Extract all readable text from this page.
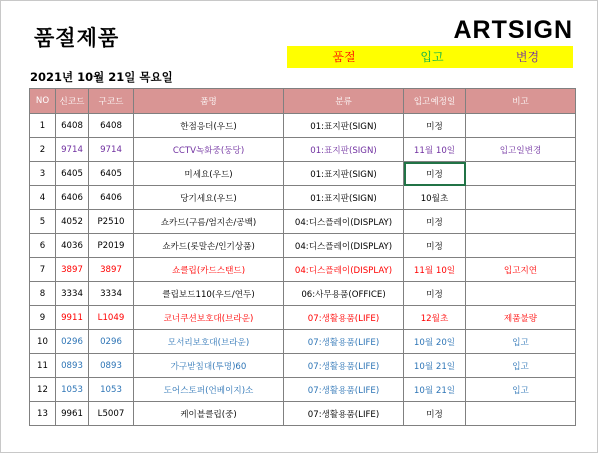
품절제품	ARTSIGN
품절	입고	변경
2021년 10월 21일 목요일
NO	신코드	구코드	품명	분류	입고예정일	비고
1	6408	6408	한점응더(우드)	01:표지판(SIGN)	미정	
2	9714	9714	CCTV녹화중(둥당)	01:표지판(SIGN)	11월 10일	입고일변경
3	6405	6405	미세요(우드)	01:표지판(SIGN)	미정	
4	6406	6406	당기세요(우드)	01:표지판(SIGN)	10월초	
5	4052	P2510	쇼카드(구름/엄지손/공백)	04:디스플레이(DISPLAY)	미정	
6	4036	P2019	쇼카드(롯말손/인기상품)	04:디스플레이(DISPLAY)	미정	
7	3897	3897	쇼클립(카드스탠드)	04:디스플레이(DISPLAY)	11월 10일	입고지연
8	3334	3334	클립보드110(우드/연두)	06:사무용품(OFFICE)	미정	
9	9911	L1049	코너쿠션보호대(브라운)	07:생활용품(LIFE)	12월초	제품불량
10	0296	0296	모서리보호대(브라운)	07:생활용품(LIFE)	10월 20일	입고
11	0893	0893	가구받침대(투명)60	07:생활용품(LIFE)	10월 21일	입고
12	1053	1053	도어스토퍼(언베이지)소	07:생활용품(LIFE)	10월 21일	입고
13	9961	L5007	케이블클립(중)	07:생활용품(LIFE)	미정	
